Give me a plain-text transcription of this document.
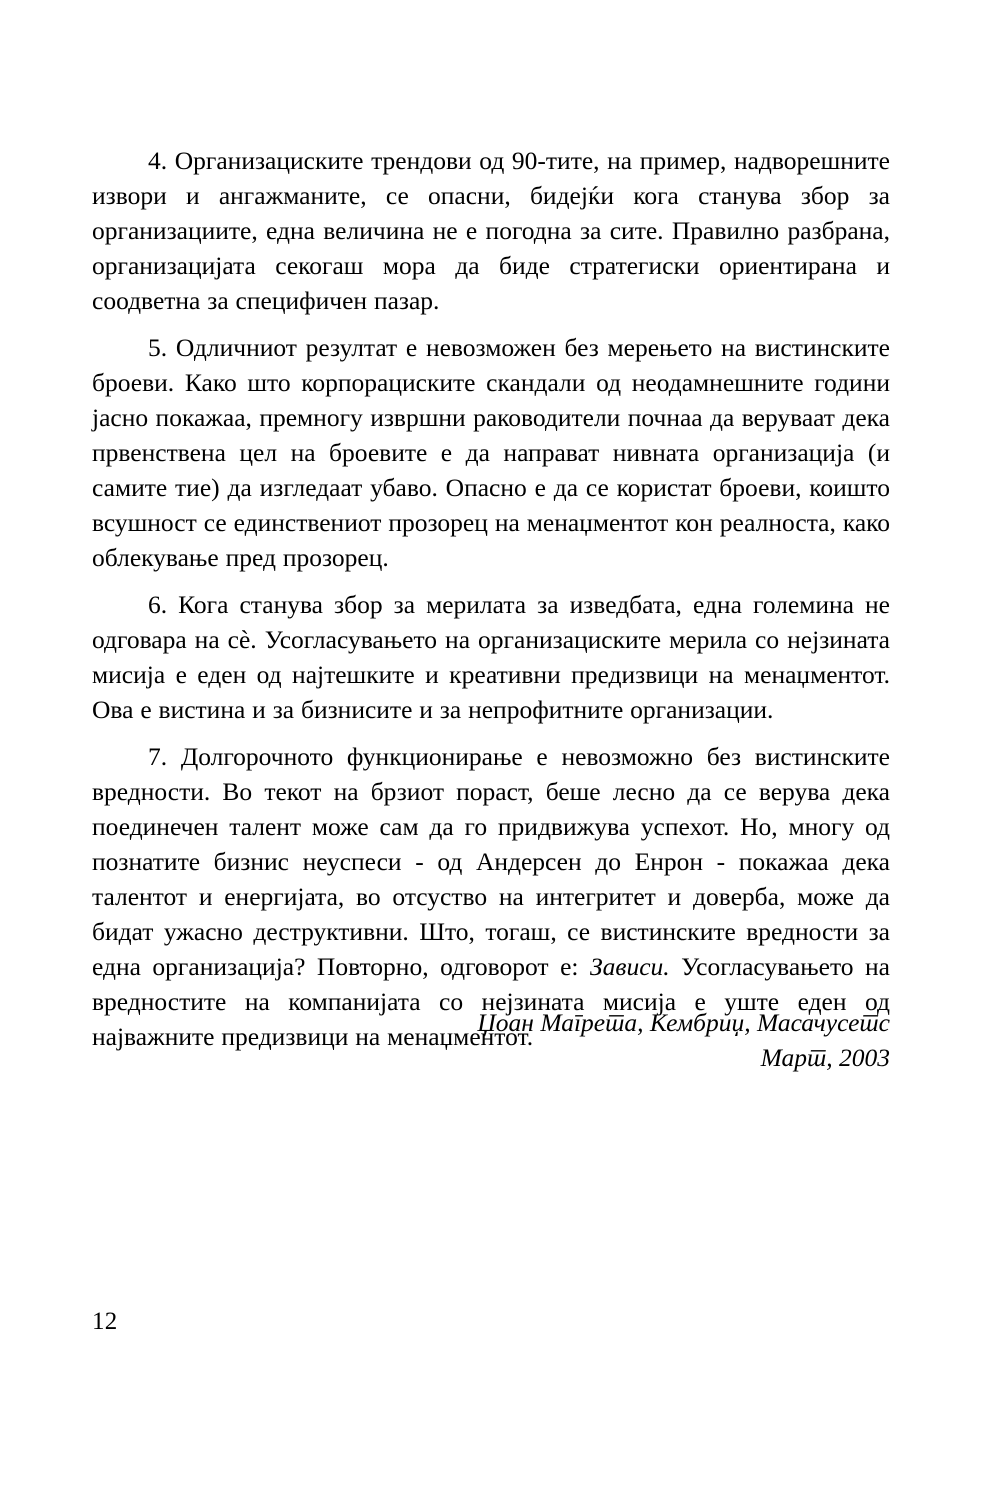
4. Организациските трендови од 90-тите, на пример, надворешните извори и ангажманите, се опасни, бидејќи кога станува збор за организациите, една величина не е погодна за сите. Правилно разбрана, организацијата секогаш мора да биде стратегиски ориентирана и соодветна за специфичен пазар.

5. Одличниот резултат е невозможен без мерењето на вистинските броеви. Како што корпорациските скандали од неодамнешните години јасно покажаа, премногу извршни раководители почнаа да веруваат дека првенствена цел на броевите е да направат нивната организација (и самите тие) да изгледаат убаво. Опасно е да се користат броеви, коишто всушност се единствениот прозорец на менаџментот кон реалноста, како облекување пред прозорец.

6. Кога станува збор за мерилата за изведбата, една големина не одговара на сѐ. Усогласувањето на организациските мерила со нејзината мисија е еден од најтешките и креативни предизвици на менаџментот. Ова е вистина и за бизнисите и за непрофитните организации.

7. Долгорочното функционирање е невозможно без вистинските вредности. Во текот на брзиот пораст, беше лесно да се верува дека поединечен талент може сам да го придвижува успехот. Но, многу од познатите бизнис неуспеси - од Андерсен до Енрон - покажаа дека талентот и енергијата, во отсуство на интегритет и доверба, може да бидат ужасно деструктивни. Што, тогаш, се вистинските вредности за една организација? Повторно, одговорот е: Зависи. Усогласувањето на вредностите на компанијата со нејзината мисија е уште еден од најважните предизвици на менаџментот.

Џоан Магрета, Кембриџ, Масачусетс
Март, 2003
12
